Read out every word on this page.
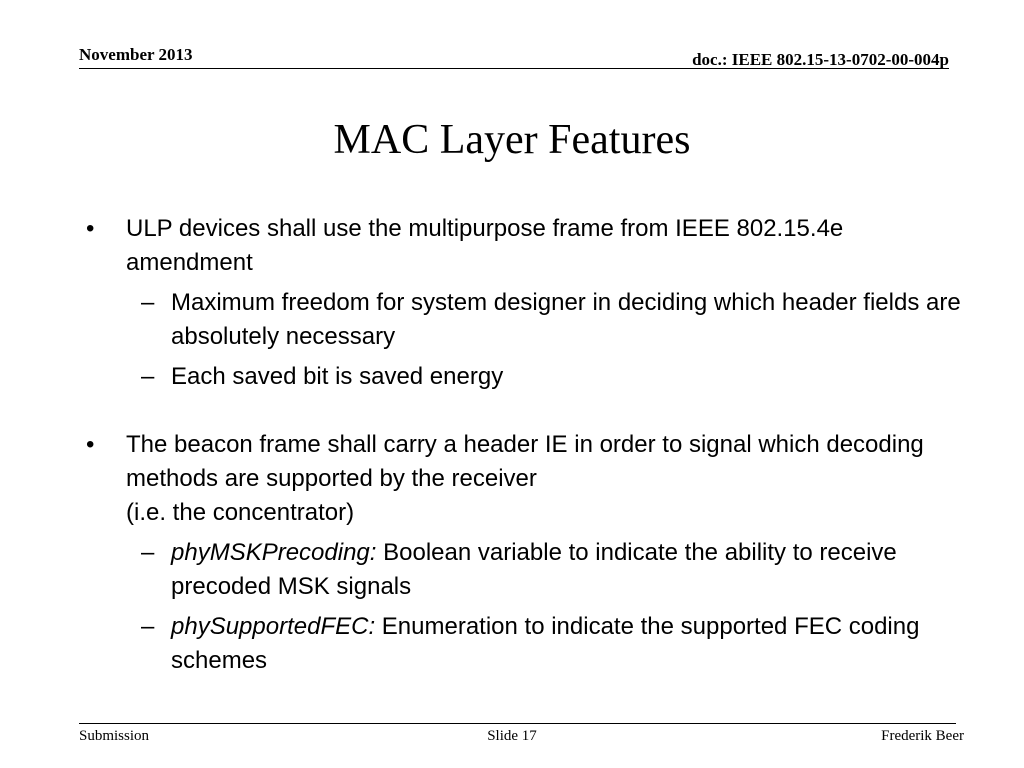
November 2013	doc.: IEEE 802.15-13-0702-00-004p
MAC Layer Features
• ULP devices shall use the multipurpose frame from IEEE 802.15.4e amendment
– Maximum freedom for system designer in deciding which header fields are absolutely necessary
– Each saved bit is saved energy
• The beacon frame shall carry a header IE in order to signal which decoding methods are supported by the receiver
(i.e. the concentrator)
– phyMSKPrecoding: Boolean variable to indicate the ability to receive precoded MSK signals
– phySupportedFEC: Enumeration to indicate the supported FEC coding schemes
Submission	Slide 17	Frederik Beer
